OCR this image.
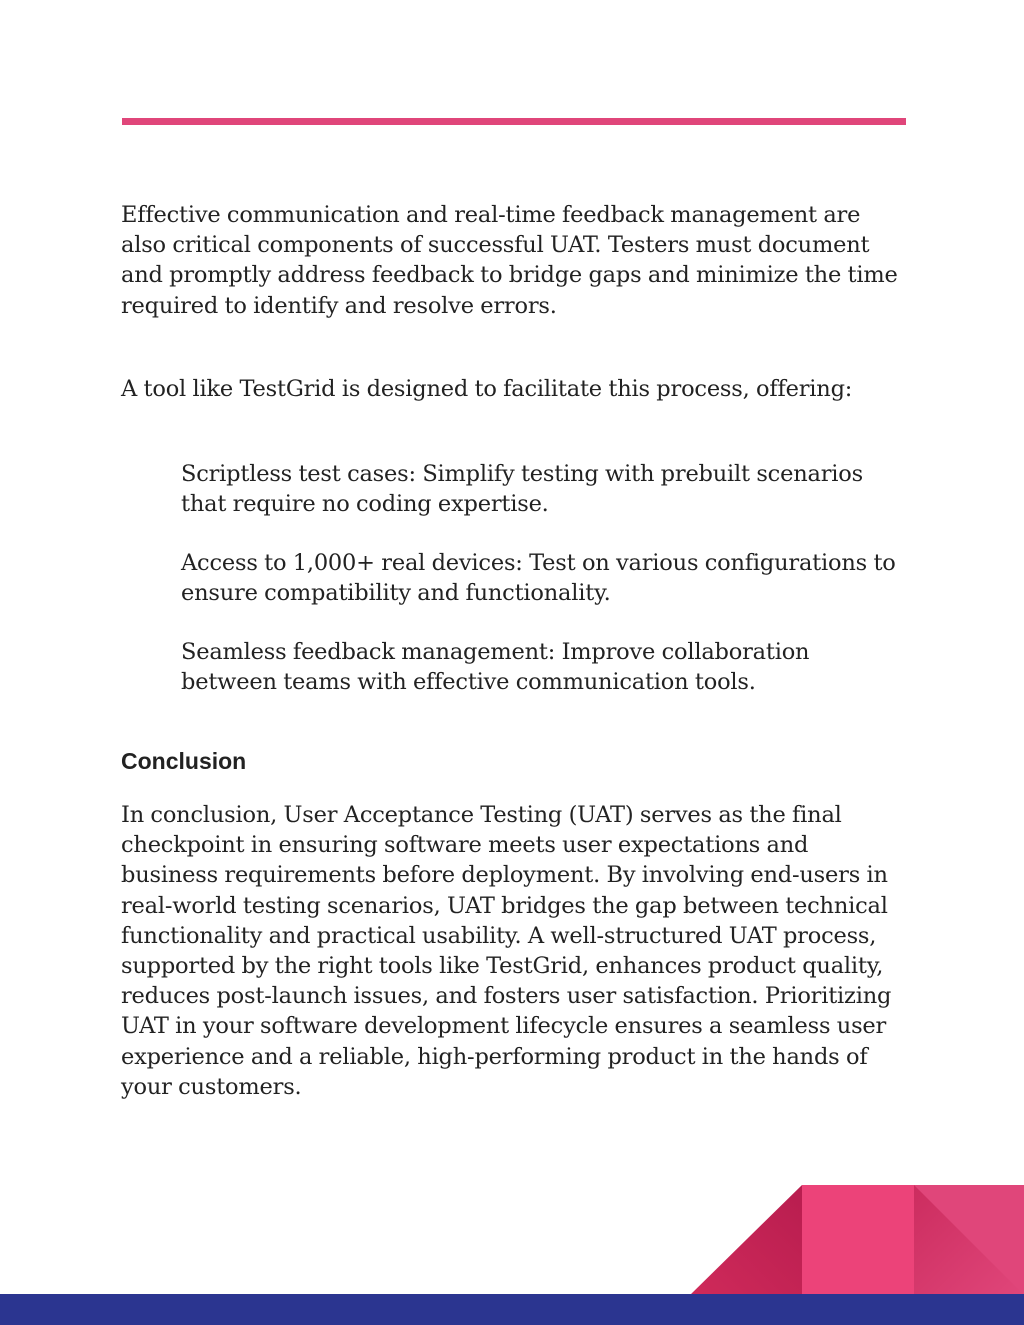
Effective communication and real-time feedback management are also critical components of successful UAT. Testers must document and promptly address feedback to bridge gaps and minimize the time required to identify and resolve errors.

A tool like TestGrid is designed to facilitate this process, offering:

Scriptless test cases: Simplify testing with prebuilt scenarios that require no coding expertise.

Access to 1,000+ real devices: Test on various configurations to ensure compatibility and functionality.

Seamless feedback management: Improve collaboration between teams with effective communication tools.

Conclusion

In conclusion, User Acceptance Testing (UAT) serves as the final checkpoint in ensuring software meets user expectations and business requirements before deployment. By involving end-users in real-world testing scenarios, UAT bridges the gap between technical functionality and practical usability. A well-structured UAT process, supported by the right tools like TestGrid, enhances product quality, reduces post-launch issues, and fosters user satisfaction. Prioritizing UAT in your software development lifecycle ensures a seamless user experience and a reliable, high-performing product in the hands of your customers.
